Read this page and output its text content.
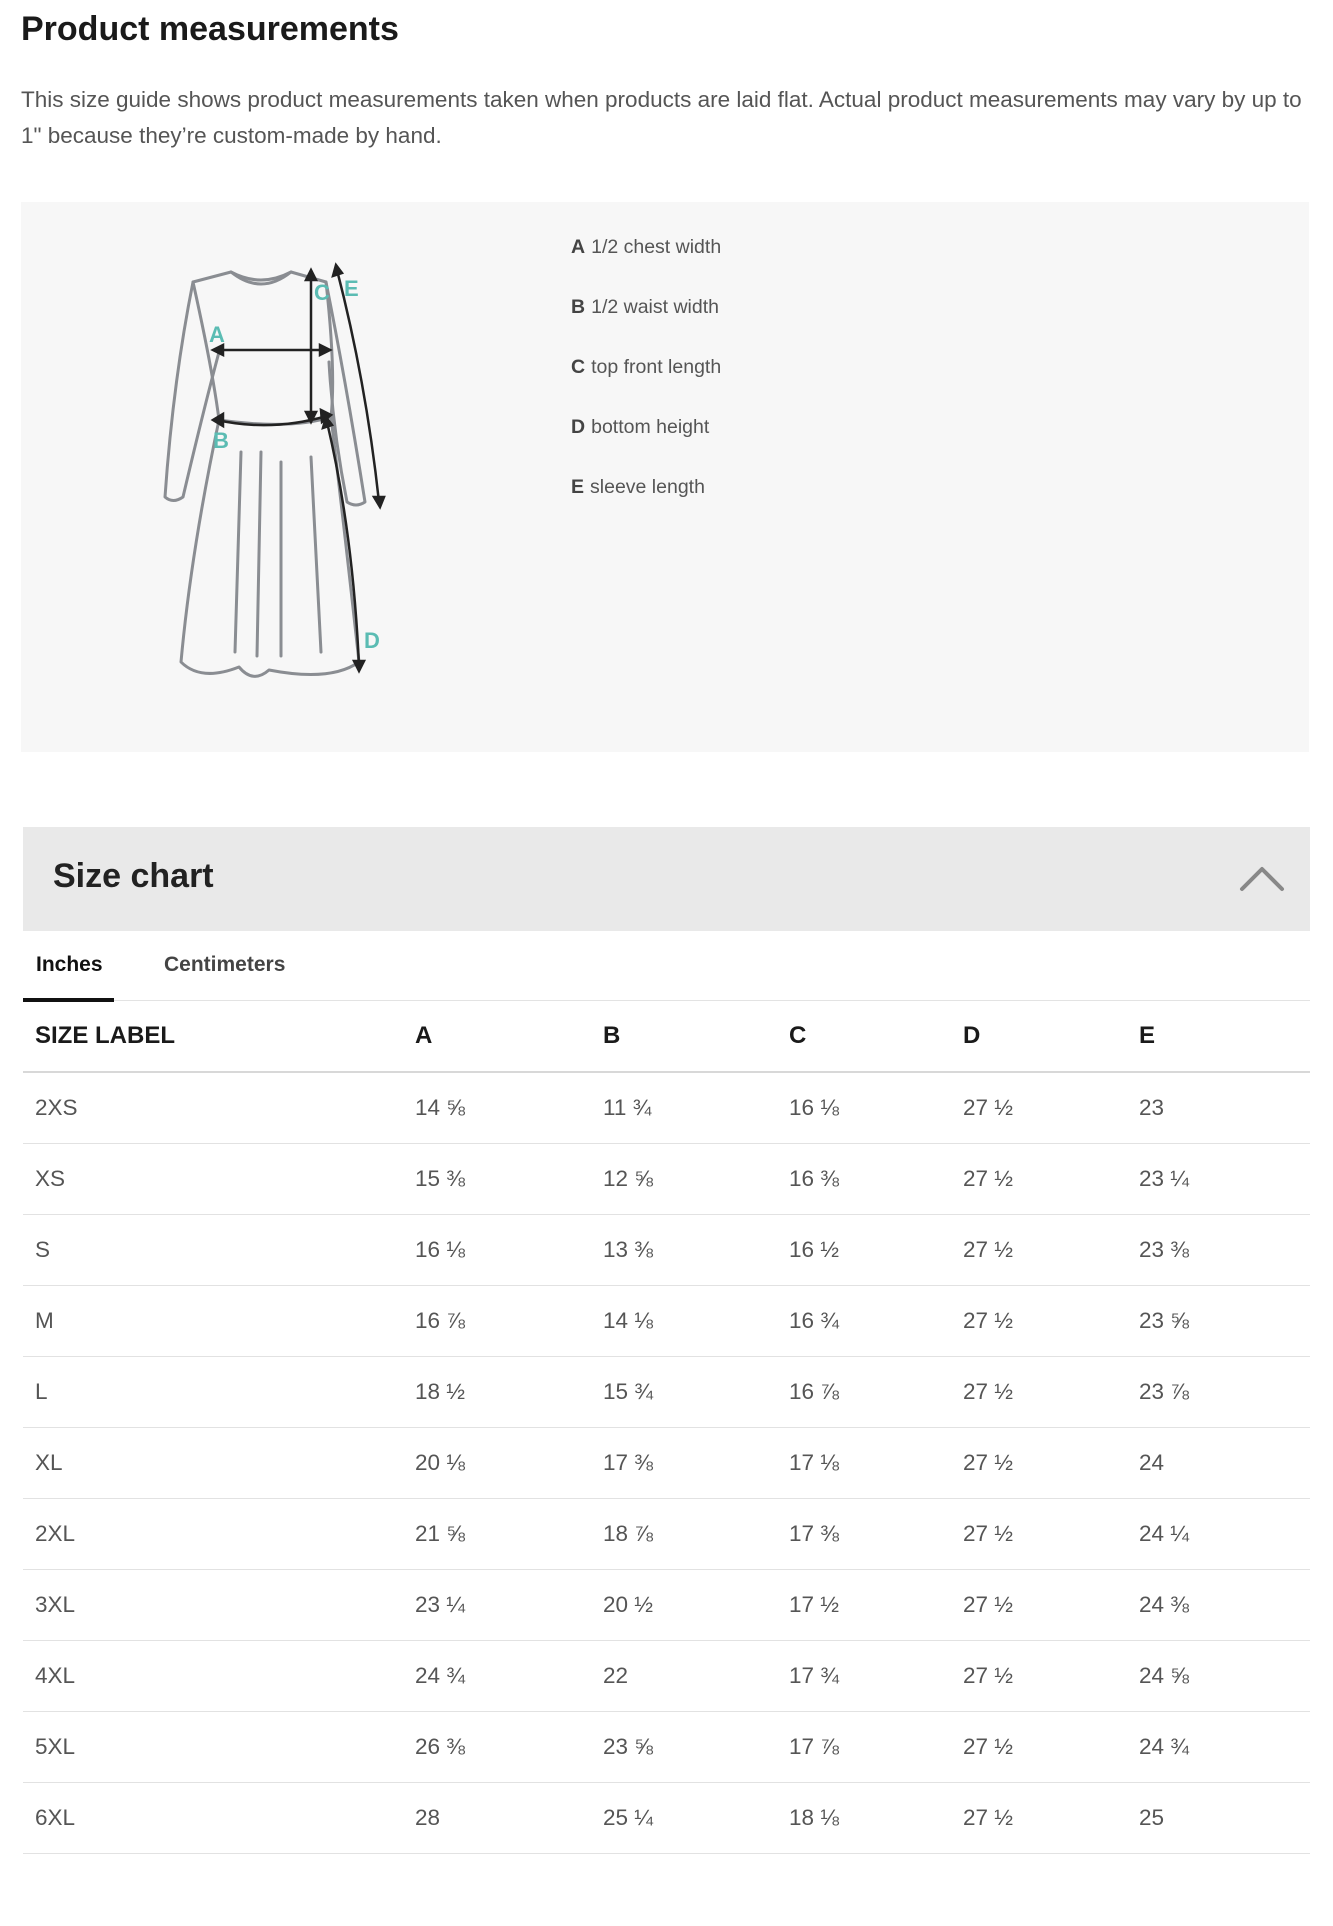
Product measurements

This size guide shows product measurements taken when products are laid flat. Actual product measurements may vary by up to 1" because they’re custom-made by hand.

A
B
C
D
E
A 1/2 chest width
B 1/2 waist width
C top front length
D bottom height
E sleeve length
Size chart
Inches	Centimeters
SIZE LABEL	A	B	C	D	E
2XS	14 ⅝	11 ¾	16 ⅛	27 ½	23
XS	15 ⅜	12 ⅝	16 ⅜	27 ½	23 ¼
S	16 ⅛	13 ⅜	16 ½	27 ½	23 ⅜
M	16 ⅞	14 ⅛	16 ¾	27 ½	23 ⅝
L	18 ½	15 ¾	16 ⅞	27 ½	23 ⅞
XL	20 ⅛	17 ⅜	17 ⅛	27 ½	24
2XL	21 ⅝	18 ⅞	17 ⅜	27 ½	24 ¼
3XL	23 ¼	20 ½	17 ½	27 ½	24 ⅜
4XL	24 ¾	22	17 ¾	27 ½	24 ⅝
5XL	26 ⅜	23 ⅝	17 ⅞	27 ½	24 ¾
6XL	28	25 ¼	18 ⅛	27 ½	25
